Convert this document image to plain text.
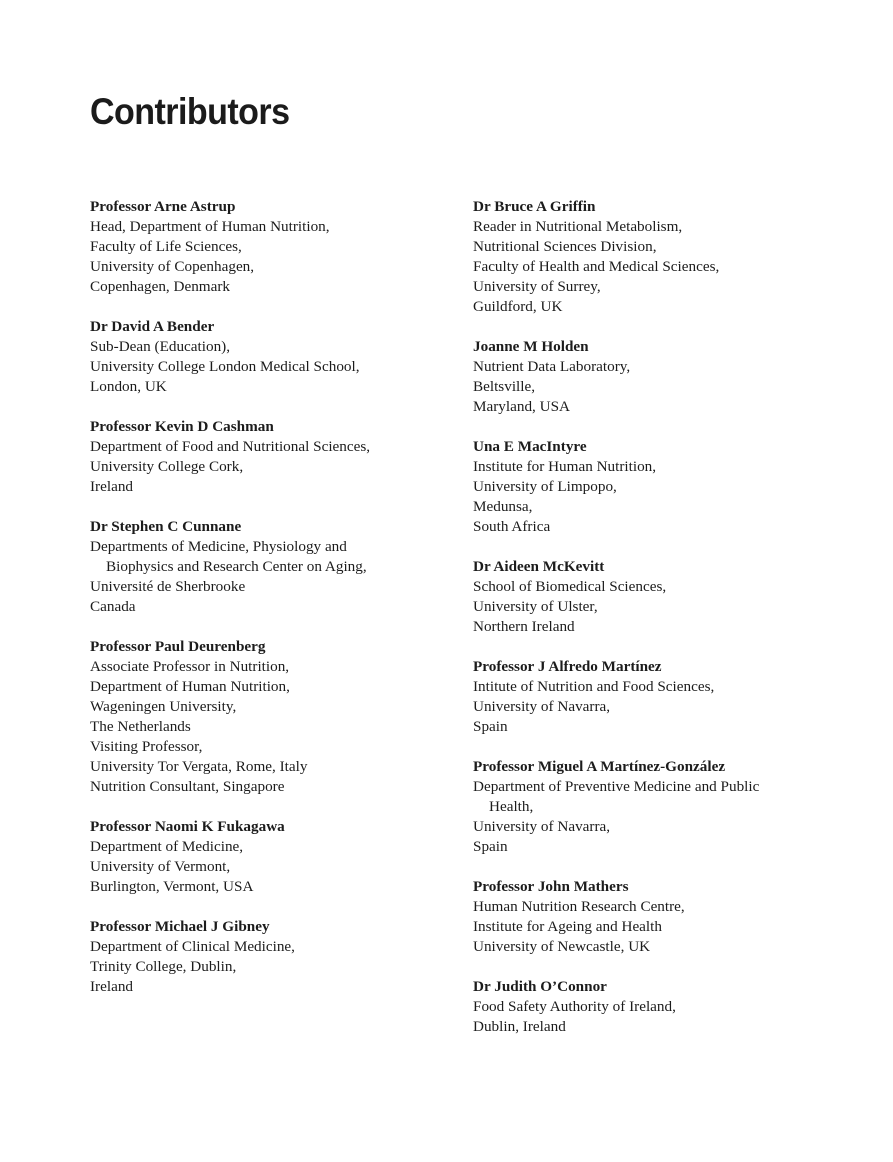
Contributors
Professor Arne Astrup
Head, Department of Human Nutrition,
Faculty of Life Sciences,
University of Copenhagen,
Copenhagen, Denmark
Dr David A Bender
Sub-Dean (Education),
University College London Medical School,
London, UK
Professor Kevin D Cashman
Department of Food and Nutritional Sciences,
University College Cork,
Ireland
Dr Stephen C Cunnane
Departments of Medicine, Physiology and
Biophysics and Research Center on Aging,
Université de Sherbrooke
Canada
Professor Paul Deurenberg
Associate Professor in Nutrition,
Department of Human Nutrition,
Wageningen University,
The Netherlands
Visiting Professor,
University Tor Vergata, Rome, Italy
Nutrition Consultant, Singapore
Professor Naomi K Fukagawa
Department of Medicine,
University of Vermont,
Burlington, Vermont, USA
Professor Michael J Gibney
Department of Clinical Medicine,
Trinity College, Dublin,
Ireland
Dr Bruce A Griffin
Reader in Nutritional Metabolism,
Nutritional Sciences Division,
Faculty of Health and Medical Sciences,
University of Surrey,
Guildford, UK
Joanne M Holden
Nutrient Data Laboratory,
Beltsville,
Maryland, USA
Una E MacIntyre
Institute for Human Nutrition,
University of Limpopo,
Medunsa,
South Africa
Dr Aideen McKevitt
School of Biomedical Sciences,
University of Ulster,
Northern Ireland
Professor J Alfredo Martínez
Intitute of Nutrition and Food Sciences,
University of Navarra,
Spain
Professor Miguel A Martínez-González
Department of Preventive Medicine and Public
Health,
University of Navarra,
Spain
Professor John Mathers
Human Nutrition Research Centre,
Institute for Ageing and Health
University of Newcastle, UK
Dr Judith O’Connor
Food Safety Authority of Ireland,
Dublin, Ireland
